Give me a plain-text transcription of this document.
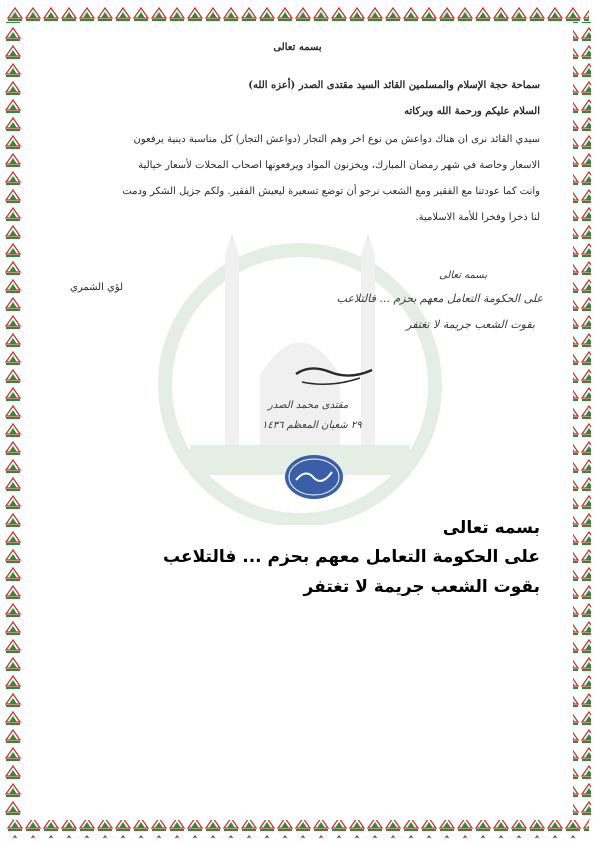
بسمه تعالى
سماحة حجة الإسلام والمسلمين القائد السيد مقتدى الصدر (أعزه الله)
السلام عليكم ورحمة الله وبركاته
سيدي القائد نرى ان هناك دواعش من نوع اخر وهم التجار (دواعش التجار) كل مناسبة دينية يرفعون
الاسعار وخاصة في شهر رمضان المبارك، ويخزنون المواد ويرفعونها اصحاب المحلات لأسعار خيالية
وانت كما عودتنا مع الفقير ومع الشعب نرجو أن توضع تسعيرة ليعيش الفقير. ولكم جزيل الشكر ودمت
لنا ذخرا وفخرا للأمة الاسلامية.
لؤي الشمري
بسمه تعالى
على الحكومة التعامل معهم بحزم ... فالتلاعب
بقوت الشعب جريمة لا تغتفر
مقتدى محمد الصدر
٢٩ شعبان المعظم ١٤٣٦
بسمه تعالى
على الحكومة التعامل معهم بحزم ... فالتلاعب
بقوت الشعب جريمة لا تغتفر
